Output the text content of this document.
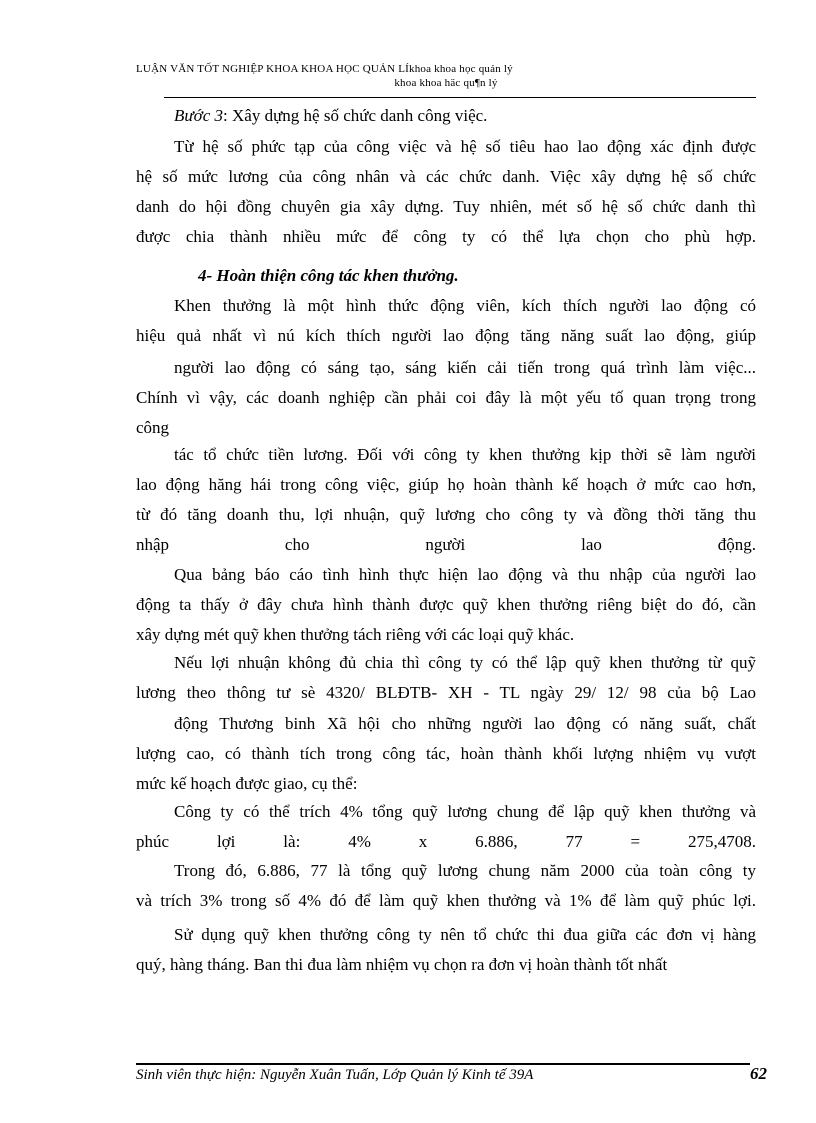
LUẬN VĂN TỐT NGHIỆP KHOA KHOA HỌC QUẢN LÍkhoa khoa học quản lý
khoa khoa häc qu¶n lý
Bước 3: Xây dựng hệ số chức danh công việc.
Từ hệ số phức tạp của công việc và hệ số tiêu hao lao động xác định được
hệ số mức lương của công nhân và các chức danh. Việc xây dựng hệ số chức
danh do hội đồng chuyên gia xây dựng. Tuy nhiên, mét số hệ số chức danh thì
được chia thành nhiều mức để công ty có thể lựa chọn cho phù hợp.
4- Hoàn thiện công tác khen thưởng.
Khen thưởng là một hình thức động viên, kích thích người lao động có
hiệu quả nhất vì nú kích thích người lao động tăng năng suất lao động, giúp
người lao động có sáng tạo, sáng kiến cải tiến trong quá trình làm việc...
Chính vì vậy, các doanh nghiệp cần phải coi đây là một yếu tố quan trọng trong
công
tác tổ chức tiền lương. Đối với công ty khen thưởng kịp thời sẽ làm người
lao động hăng hái trong công việc, giúp họ hoàn thành kế hoạch ở mức cao hơn,
từ đó tăng doanh thu, lợi nhuận, quỹ lương cho công ty và đồng thời tăng thu
nhập cho người lao động.
Qua bảng báo cáo tình hình thực hiện lao động và thu nhập của người lao
động ta thấy ở đây chưa hình thành được quỹ khen thưởng riêng biệt do đó, cần
xây dựng mét quỹ khen thưởng tách riêng với các loại quỹ khác.
Nếu lợi nhuận không đủ chia thì công ty có thể lập quỹ khen thưởng từ quỹ
lương theo thông tư sè 4320/ BLĐTB- XH - TL ngày 29/ 12/ 98 của bộ Lao
động Thương binh Xã hội cho những người lao động có năng suất, chất
lượng cao, có thành tích trong công tác, hoàn thành khối lượng nhiệm vụ vượt
mức kế hoạch được giao, cụ thể:
Công ty có thể trích 4% tổng quỹ lương chung để lập quỹ khen thưởng và
phúc lợi là: 4% x 6.886, 77 = 275,4708.
Trong đó, 6.886, 77 là tổng quỹ lương chung năm 2000 của toàn công ty
và trích 3% trong số 4% đó để làm quỹ khen thưởng và 1% để làm quỹ phúc lợi.
Sử dụng quỹ khen thưởng công ty nên tổ chức thi đua giữa các đơn vị hàng
quý, hàng tháng. Ban thi đua làm nhiệm vụ chọn ra đơn vị hoàn thành tốt nhất
Sinh viên thực hiện: Nguyễn Xuân Tuấn, Lớp Quản lý Kinh tế 39A	62
